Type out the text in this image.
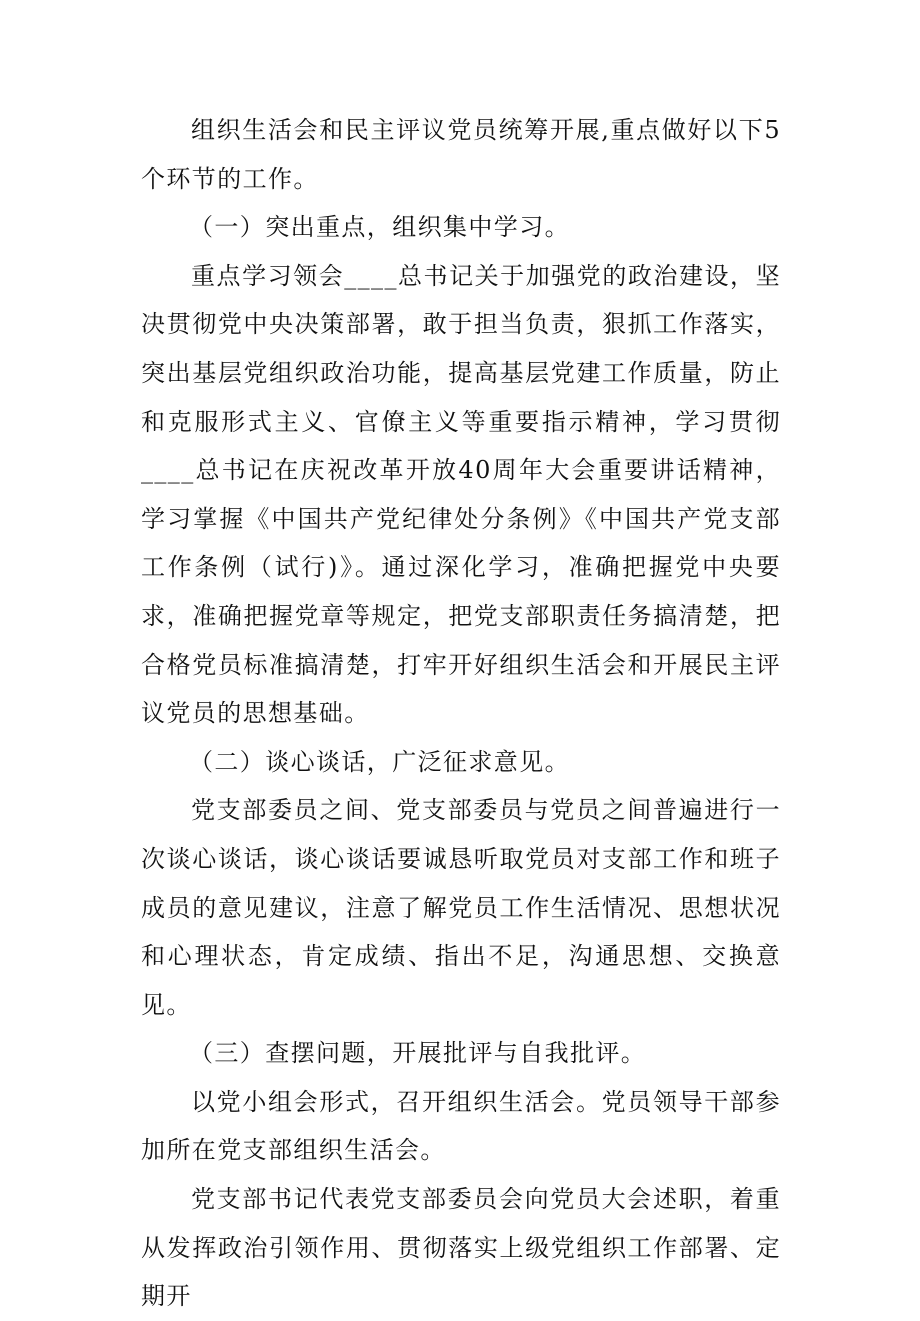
组织生活会和民主评议党员统筹开展,重点做好以下5个环节的工作。

（一）突出重点，组织集中学习。

重点学习领会____总书记关于加强党的政治建设，坚决贯彻党中央决策部署，敢于担当负责，狠抓工作落实，突出基层党组织政治功能，提高基层党建工作质量，防止和克服形式主义、官僚主义等重要指示精神，学习贯彻____总书记在庆祝改革开放40周年大会重要讲话精神，学习掌握《中国共产党纪律处分条例》《中国共产党支部工作条例（试行)》。通过深化学习，准确把握党中央要求，准确把握党章等规定，把党支部职责任务搞清楚，把合格党员标准搞清楚，打牢开好组织生活会和开展民主评议党员的思想基础。

（二）谈心谈话，广泛征求意见。

党支部委员之间、党支部委员与党员之间普遍进行一次谈心谈话，谈心谈话要诚恳听取党员对支部工作和班子成员的意见建议，注意了解党员工作生活情况、思想状况和心理状态，肯定成绩、指出不足，沟通思想、交换意见。

（三）查摆问题，开展批评与自我批评。

以党小组会形式，召开组织生活会。党员领导干部参加所在党支部组织生活会。

党支部书记代表党支部委员会向党员大会述职，着重从发挥政治引领作用、贯彻落实上级党组织工作部署、定期开
